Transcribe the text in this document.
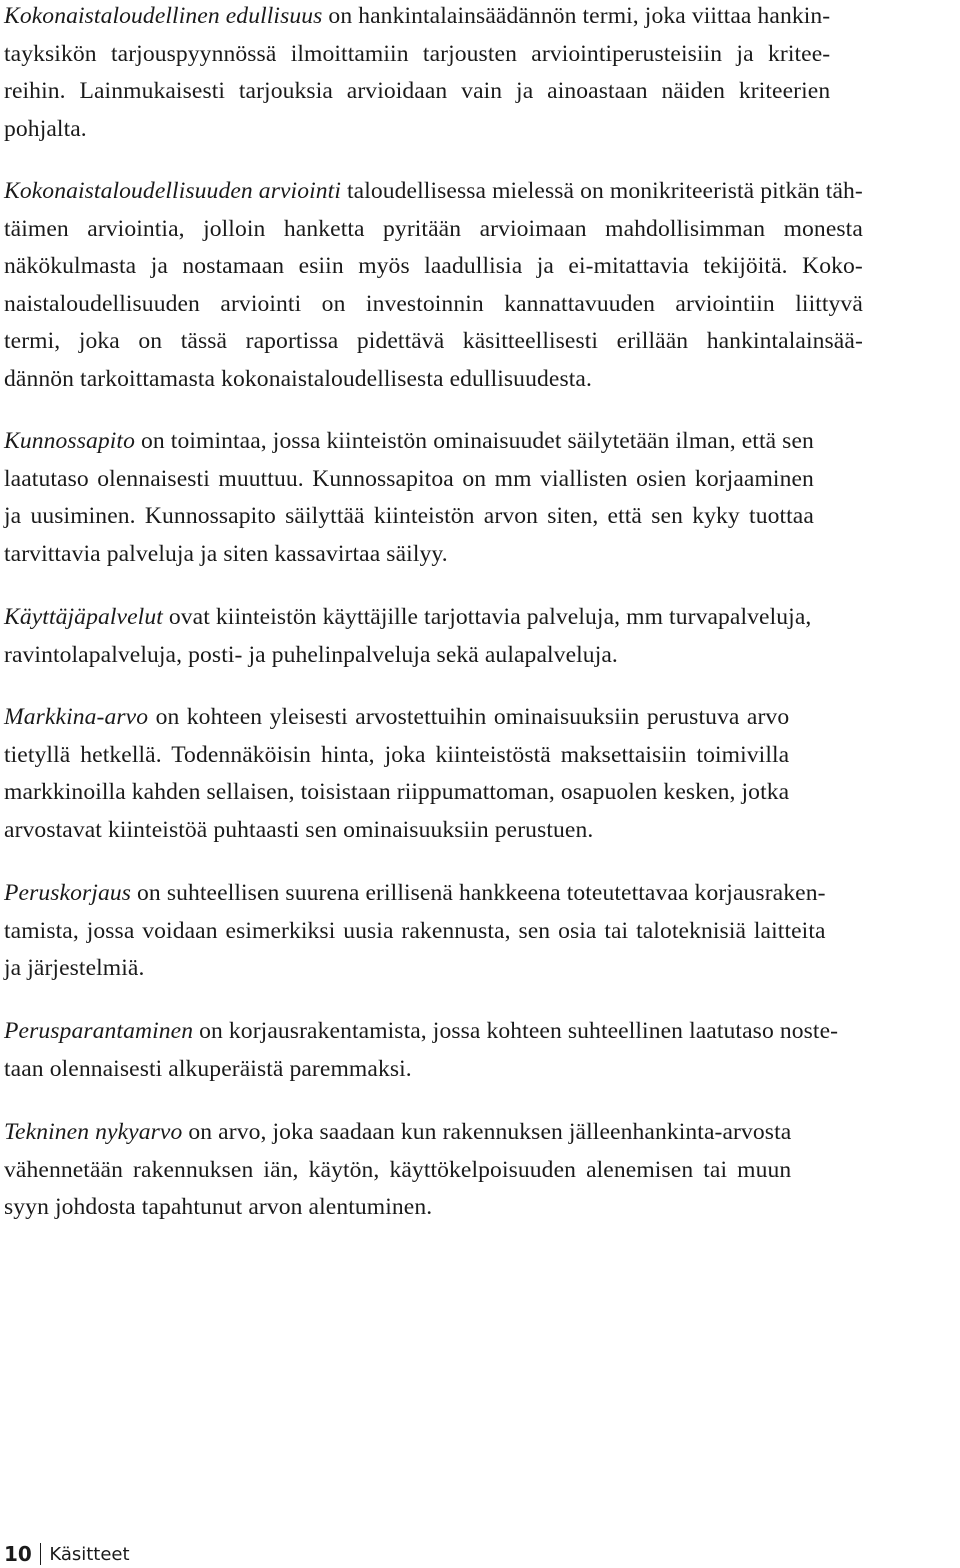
Kokonaistaloudellinen edullisuus on hankintalainsäädännön termi, joka viittaa hankin-
tayksikön tarjouspyynnössä ilmoittamiin tarjousten arviointiperusteisiin ja kritee-
reihin. Lainmukaisesti tarjouksia arvioidaan vain ja ainoastaan näiden kriteerien
pohjalta.

Kokonaistaloudellisuuden arviointi taloudellisessa mielessä on monikriteeristä pitkän täh-
täimen arviointia, jolloin hanketta pyritään arvioimaan mahdollisimman monesta
näkökulmasta ja nostamaan esiin myös laadullisia ja ei-mitattavia tekijöitä. Koko-
naistaloudellisuuden arviointi on investoinnin kannattavuuden arviointiin liittyvä
termi, joka on tässä raportissa pidettävä käsitteellisesti erillään hankintalainsää-
dännön tarkoittamasta kokonaistaloudellisesta edullisuudesta.

Kunnossapito on toimintaa, jossa kiinteistön ominaisuudet säilytetään ilman, että sen
laatutaso olennaisesti muuttuu. Kunnossapitoa on mm viallisten osien korjaaminen
ja uusiminen. Kunnossapito säilyttää kiinteistön arvon siten, että sen kyky tuottaa
tarvittavia palveluja ja siten kassavirtaa säilyy.

Käyttäjäpalvelut ovat kiinteistön käyttäjille tarjottavia palveluja, mm turvapalveluja,
ravintolapalveluja, posti- ja puhelinpalveluja sekä aulapalveluja.

Markkina-arvo on kohteen yleisesti arvostettuihin ominaisuuksiin perustuva arvo
tietyllä hetkellä. Todennäköisin hinta, joka kiinteistöstä maksettaisiin toimivilla
markkinoilla kahden sellaisen, toisistaan riippumattoman, osapuolen kesken, jotka
arvostavat kiinteistöä puhtaasti sen ominaisuuksiin perustuen.

Peruskorjaus on suhteellisen suurena erillisenä hankkeena toteutettavaa korjausraken-
tamista, jossa voidaan esimerkiksi uusia rakennusta, sen osia tai taloteknisiä laitteita
ja järjestelmiä.

Perusparantaminen on korjausrakentamista, jossa kohteen suhteellinen laatutaso noste-
taan olennaisesti alkuperäistä paremmaksi.

Tekninen nykyarvo on arvo, joka saadaan kun rakennuksen jälleenhankinta-arvosta
vähennetään rakennuksen iän, käytön, käyttökelpoisuuden alenemisen tai muun
syyn johdosta tapahtunut arvon alentuminen.

10 Käsitteet
